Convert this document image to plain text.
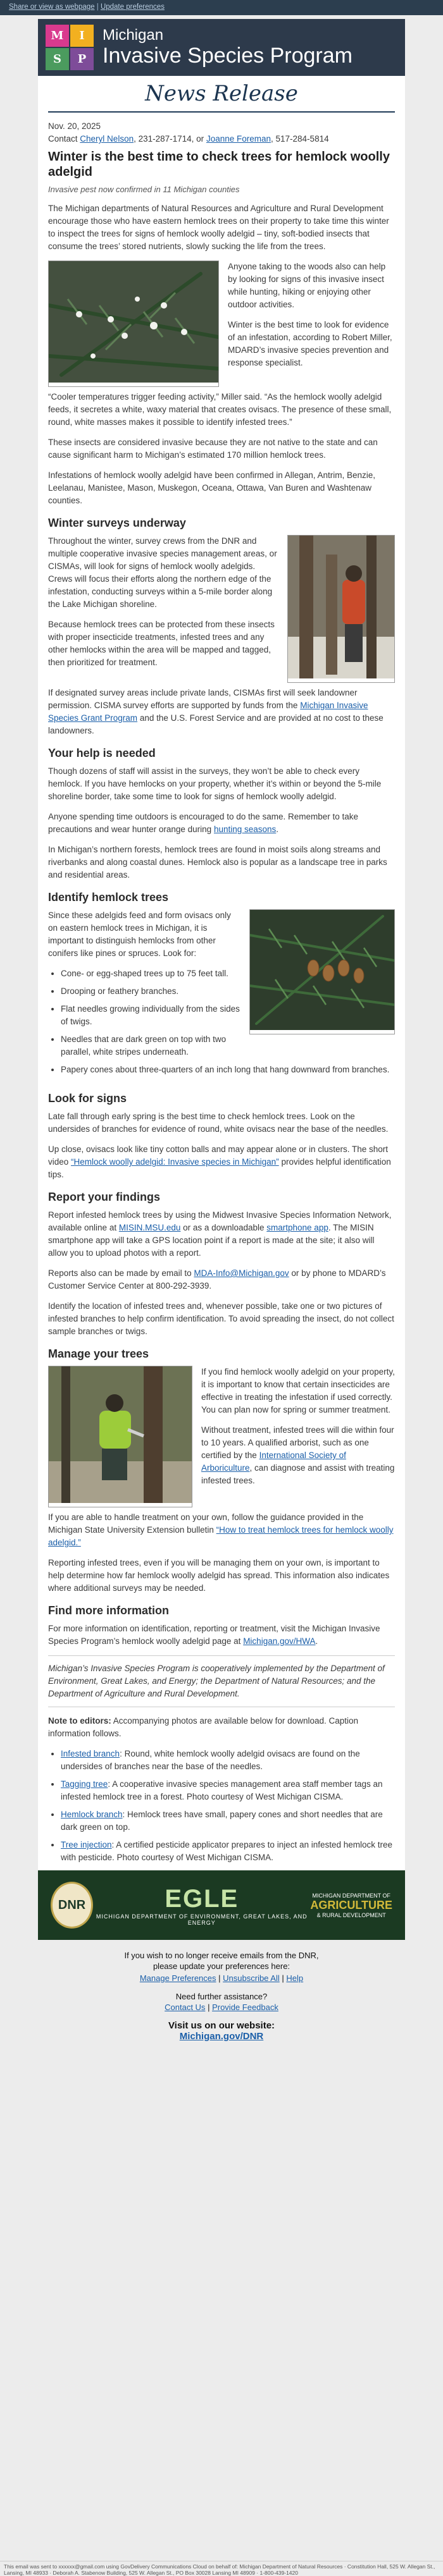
Share or view as webpage | Update preferences
M	I
S	P
Michigan
Invasive Species Program
News Release

Nov. 20, 2025
Contact Cheryl Nelson, 231-287-1714, or Joanne Foreman, 517-284-5814

Winter is the best time to check trees for hemlock woolly adelgid
Invasive pest now confirmed in 11 Michigan counties

The Michigan departments of Natural Resources and Agriculture and Rural Development encourage those who have eastern hemlock trees on their property to take time this winter to inspect the trees for signs of hemlock woolly adelgid – tiny, soft-bodied insects that consume the trees’ stored nutrients, slowly sucking the life from the trees.

Anyone taking to the woods also can help by looking for signs of this invasive insect while hunting, hiking or enjoying other outdoor activities.

Winter is the best time to look for evidence of an infestation, according to Robert Miller, MDARD’s invasive species prevention and response specialist.

“Cooler temperatures trigger feeding activity,” Miller said. “As the hemlock woolly adelgid feeds, it secretes a white, waxy material that creates ovisacs. The presence of these small, round, white masses makes it possible to identify infested trees.”

These insects are considered invasive because they are not native to the state and can cause significant harm to Michigan’s estimated 170 million hemlock trees.

Infestations of hemlock woolly adelgid have been confirmed in Allegan, Antrim, Benzie, Leelanau, Manistee, Mason, Muskegon, Oceana, Ottawa, Van Buren and Washtenaw counties.

Winter surveys underway

Throughout the winter, survey crews from the DNR and multiple cooperative invasive species management areas, or CISMAs, will look for signs of hemlock woolly adelgids. Crews will focus their efforts along the northern edge of the infestation, conducting surveys within a 5-mile border along the Lake Michigan shoreline.

Because hemlock trees can be protected from these insects with proper insecticide treatments, infested trees and any other hemlocks within the area will be mapped and tagged, then prioritized for treatment.

If designated survey areas include private lands, CISMAs first will seek landowner permission. CISMA survey efforts are supported by funds from the Michigan Invasive Species Grant Program and the U.S. Forest Service and are provided at no cost to these landowners.

Your help is needed

Though dozens of staff will assist in the surveys, they won’t be able to check every hemlock. If you have hemlocks on your property, whether it’s within or beyond the 5-mile shoreline border, take some time to look for signs of hemlock woolly adelgid.

Anyone spending time outdoors is encouraged to do the same. Remember to take precautions and wear hunter orange during hunting seasons.

In Michigan’s northern forests, hemlock trees are found in moist soils along streams and riverbanks and along coastal dunes. Hemlock also is popular as a landscape tree in parks and residential areas.

Identify hemlock trees

Since these adelgids feed and form ovisacs only on eastern hemlock trees in Michigan, it is important to distinguish hemlocks from other conifers like pines or spruces. Look for:

• Cone- or egg-shaped trees up to 75 feet tall.
• Drooping or feathery branches.
• Flat needles growing individually from the sides of twigs.
• Needles that are dark green on top with two parallel, white stripes underneath.
• Papery cones about three-quarters of an inch long that hang downward from branches.
Look for signs

Late fall through early spring is the best time to check hemlock trees. Look on the undersides of branches for evidence of round, white ovisacs near the base of the needles.

Up close, ovisacs look like tiny cotton balls and may appear alone or in clusters. The short video “Hemlock woolly adelgid: Invasive species in Michigan” provides helpful identification tips.

Report your findings

Report infested hemlock trees by using the Midwest Invasive Species Information Network, available online at MISIN.MSU.edu or as a downloadable smartphone app. The MISIN smartphone app will take a GPS location point if a report is made at the site; it also will allow you to upload photos with a report.

Reports also can be made by email to MDA-Info@Michigan.gov or by phone to MDARD’s Customer Service Center at 800-292-3939.

Identify the location of infested trees and, whenever possible, take one or two pictures of infested branches to help confirm identification. To avoid spreading the insect, do not collect sample branches or twigs.

Manage your trees

If you find hemlock woolly adelgid on your property, it is important to know that certain insecticides are effective in treating the infestation if used correctly. You can plan now for spring or summer treatment.

Without treatment, infested trees will die within four to 10 years. A qualified arborist, such as one certified by the International Society of Arboriculture, can diagnose and assist with treating infested trees.

If you are able to handle treatment on your own, follow the guidance provided in the Michigan State University Extension bulletin “How to treat hemlock trees for hemlock woolly adelgid.”

Reporting infested trees, even if you will be managing them on your own, is important to help determine how far hemlock woolly adelgid has spread. This information also indicates where additional surveys may be needed.

Find more information

For more information on identification, reporting or treatment, visit the Michigan Invasive Species Program’s hemlock woolly adelgid page at Michigan.gov/HWA.

Michigan’s Invasive Species Program is cooperatively implemented by the Department of Environment, Great Lakes, and Energy; the Department of Natural Resources; and the Department of Agriculture and Rural Development.

Note to editors: Accompanying photos are available below for download. Caption information follows.

• Infested branch: Round, white hemlock woolly adelgid ovisacs are found on the undersides of branches near the base of the needles.
• Tagging tree: A cooperative invasive species management area staff member tags an infested hemlock tree in a forest. Photo courtesy of West Michigan CISMA.
• Hemlock branch: Hemlock trees have small, papery cones and short needles that are dark green on top.
• Tree injection: A certified pesticide applicator prepares to inject an infested hemlock tree with pesticide. Photo courtesy of West Michigan CISMA.
DNR	EGLE
MICHIGAN DEPARTMENT OF ENVIRONMENT, GREAT LAKES, AND ENERGY
MICHIGAN DEPARTMENT OF
AGRICULTURE
& RURAL DEVELOPMENT
If you wish to no longer receive emails from the DNR,
please update your preferences here:
Manage Preferences | Unsubscribe All | Help
Need further assistance?
Contact Us | Provide Feedback
Visit us on our website:
Michigan.gov/DNR
This email was sent to xxxxxx@gmail.com using GovDelivery Communications Cloud on behalf of: Michigan Department of Natural Resources · Constitution Hall, 525 W. Allegan St., Lansing, MI 48933 · Deborah A. Stabenow Building, 525 W. Allegan St., PO Box 30028 Lansing MI 48909 · 1-800-439-1420
